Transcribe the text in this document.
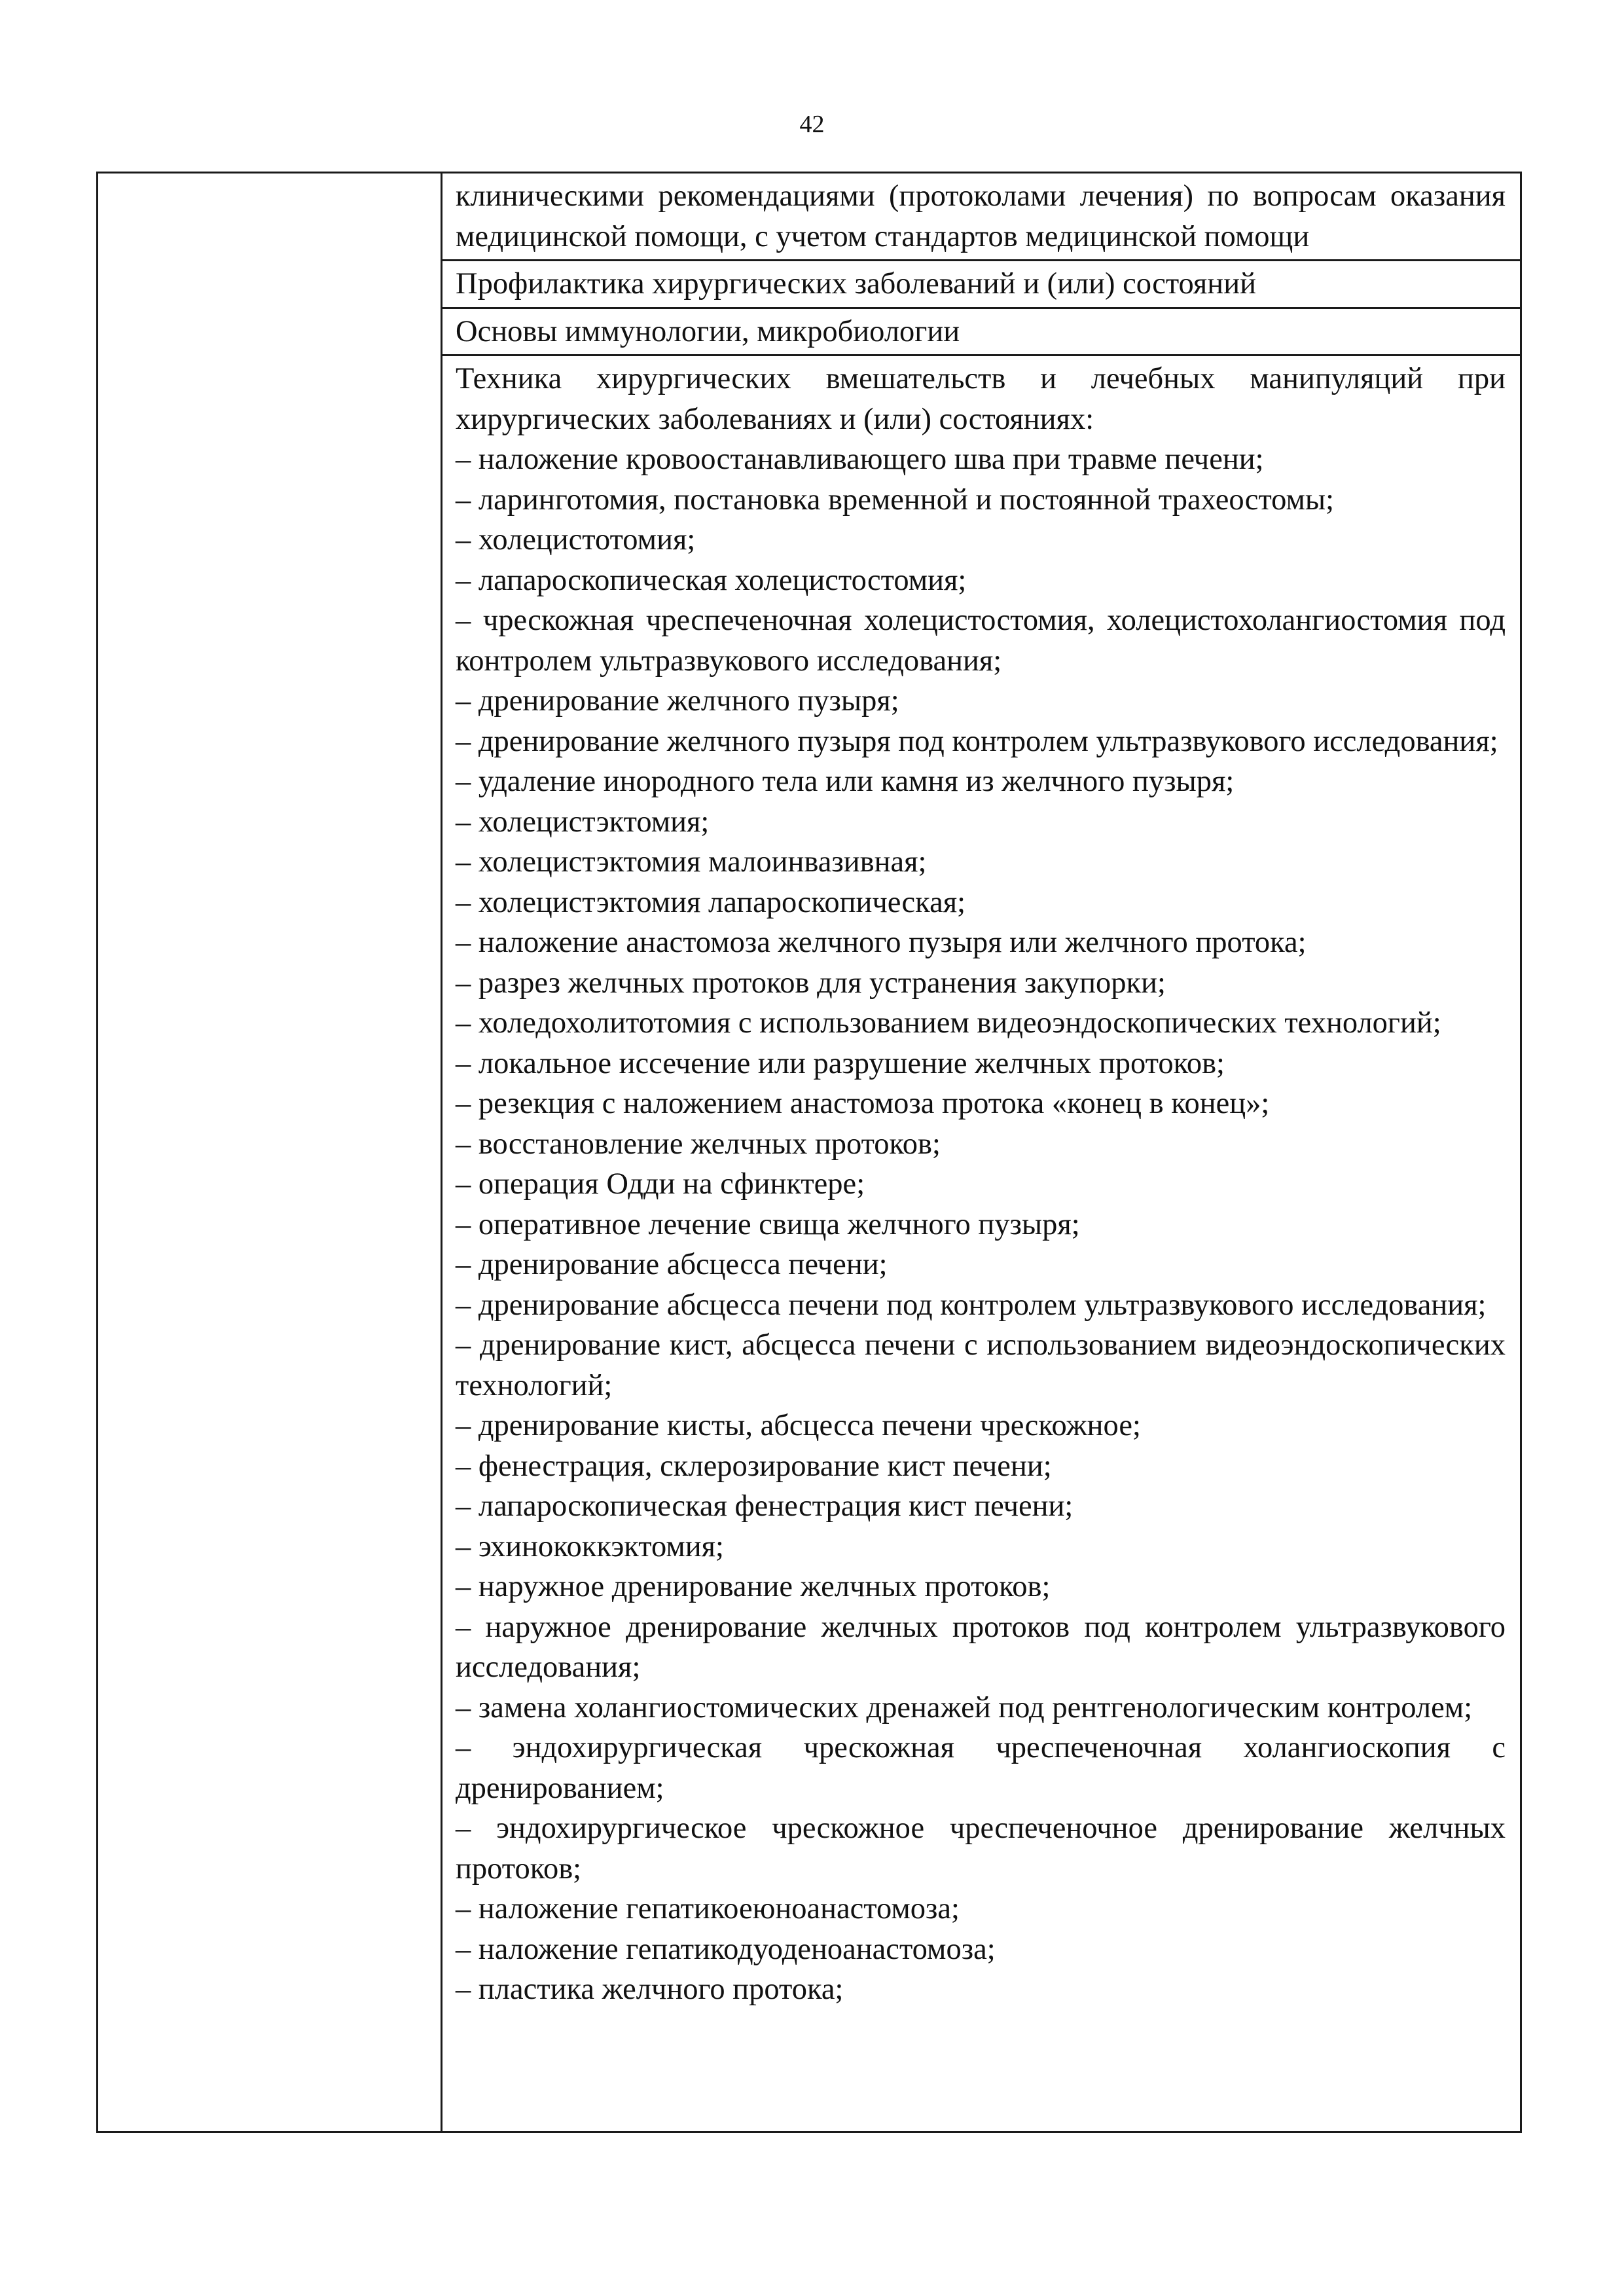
42

клиническими рекомендациями (протоколами лечения) по вопросам оказания медицинской помощи, с учетом стандартов медицинской помощи

Профилактика хирургических заболеваний и (или) состояний

Основы иммунологии, микробиологии

Техника хирургических вмешательств и лечебных манипуляций при хирургических заболеваниях и (или) состояниях:

– наложение кровоостанавливающего шва при травме печени;

– ларинготомия, постановка временной и постоянной трахеостомы;

– холецистотомия;

– лапароскопическая холецистостомия;

– чрескожная чреспеченочная холецистостомия, холецистохолангиостомия под контролем ультразвукового исследования;

– дренирование желчного пузыря;

– дренирование желчного пузыря под контролем ультразвукового исследования;

– удаление инородного тела или камня из желчного пузыря;

– холецистэктомия;

– холецистэктомия малоинвазивная;

– холецистэктомия лапароскопическая;

– наложение анастомоза желчного пузыря или желчного протока;

– разрез желчных протоков для устранения закупорки;

– холедохолитотомия с использованием видеоэндоскопических технологий;

– локальное иссечение или разрушение желчных протоков;

– резекция с наложением анастомоза протока «конец в конец»;

– восстановление желчных протоков;

– операция Одди на сфинктере;

– оперативное лечение свища желчного пузыря;

– дренирование абсцесса печени;

– дренирование абсцесса печени под контролем ультразвукового исследования;

– дренирование кист, абсцесса печени с использованием видеоэндоскопических технологий;

– дренирование кисты, абсцесса печени чрескожное;

– фенестрация, склерозирование кист печени;

– лапароскопическая фенестрация кист печени;

– эхинококкэктомия;

– наружное дренирование желчных протоков;

– наружное дренирование желчных протоков под контролем ультразвукового исследования;

– замена холангиостомических дренажей под рентгенологическим контролем;

– эндохирургическая чрескожная чреспеченочная холангиоскопия с дренированием;

– эндохирургическое чрескожное чреспеченочное дренирование желчных протоков;

– наложение гепатикоеюноанастомоза;

– наложение гепатикодуоденоанастомоза;

– пластика желчного протока;
